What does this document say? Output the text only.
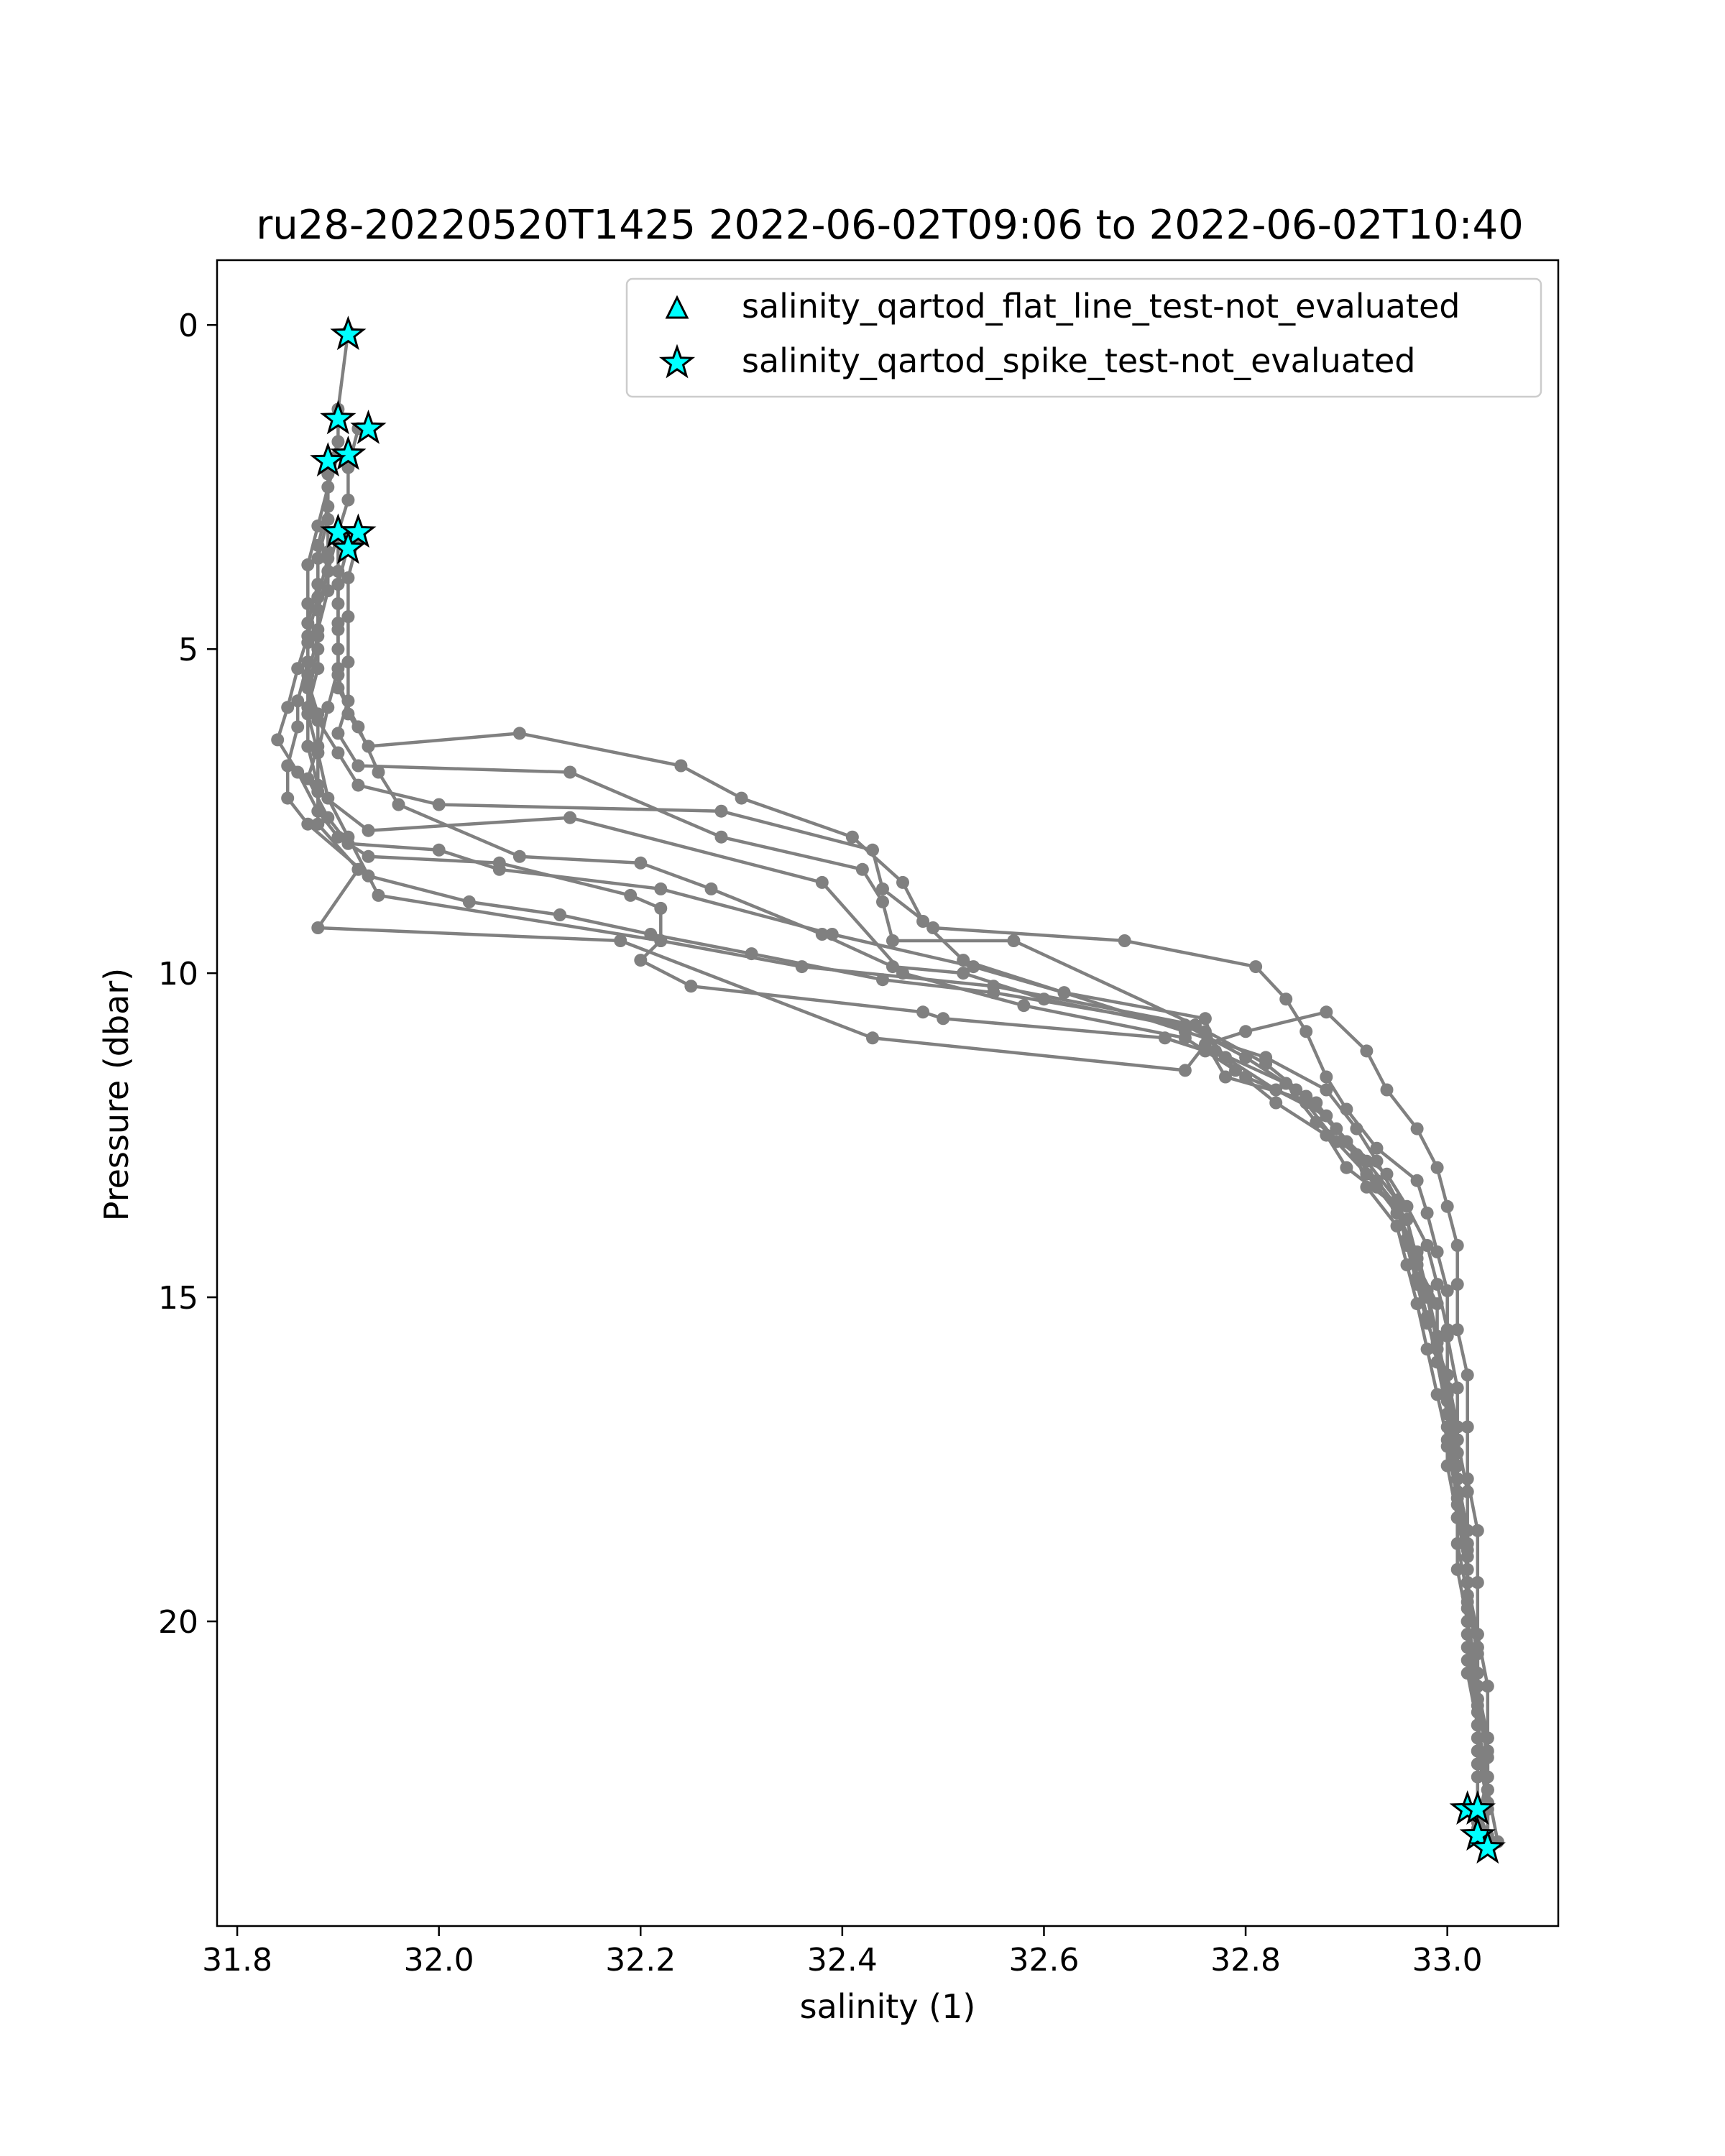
ru28-20220520T1425 2022-06-02T09:06 to 2022-06-02T10:40
31.8	32.0	32.2	32.4	32.6	32.8	33.0
0
5
10
15
20
salinity (1)
Pressure (dbar)
salinity_qartod_flat_line_test-not_evaluated
salinity_qartod_spike_test-not_evaluated
